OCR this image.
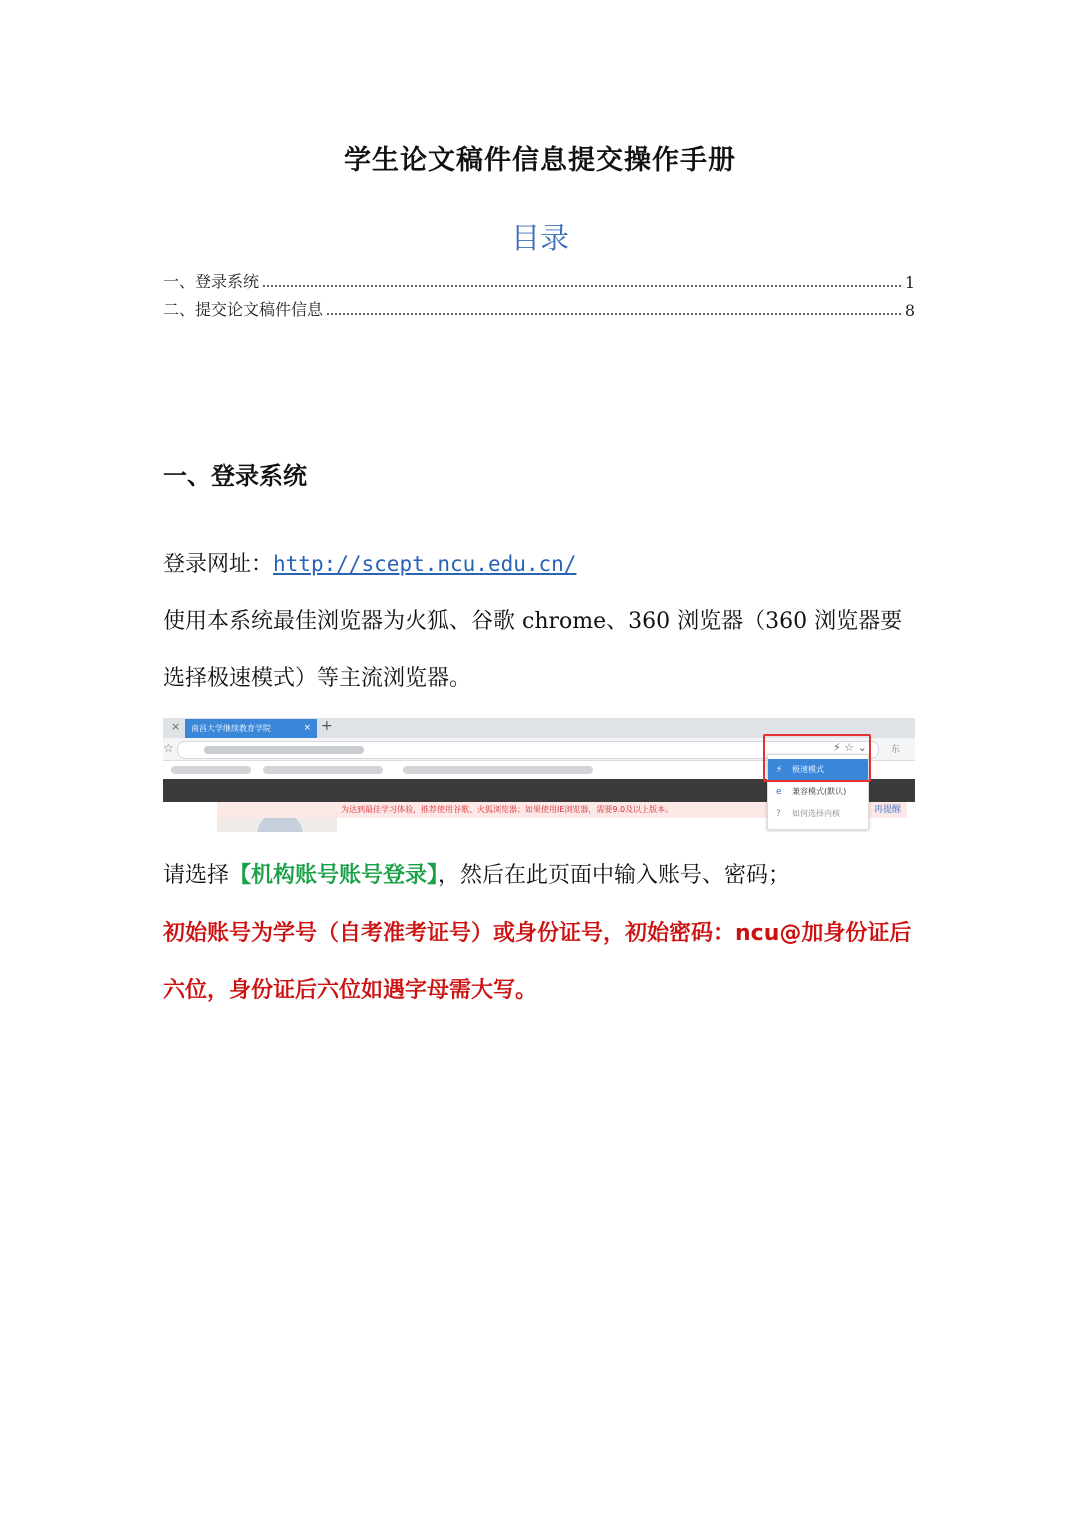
学生论文稿件信息提交操作手册
目录
一、登录系统	1
二、提交论文稿件信息	8
一、登录系统
登录网址：http://scept.ncu.edu.cn/
使用本系统最佳浏览器为火狐、谷歌 chrome、360 浏览器（360 浏览器要选择极速模式）等主流浏览器。
×	南昌大学继续教育学院	× +
☆	⚡ ☆ ⌄	东
为达到最佳学习体验，推荐使用谷歌、火狐浏览器；如果使用IE浏览器，需要9.0及以上版本。	再提醒
⚡ 极速模式
e 兼容模式(默认)
? 如何选择内核
请选择【机构账号账号登录】，然后在此页面中输入账号、密码；
初始账号为学号（自考准考证号）或身份证号，初始密码：ncu@加身份证后六位，身份证后六位如遇字母需大写。
